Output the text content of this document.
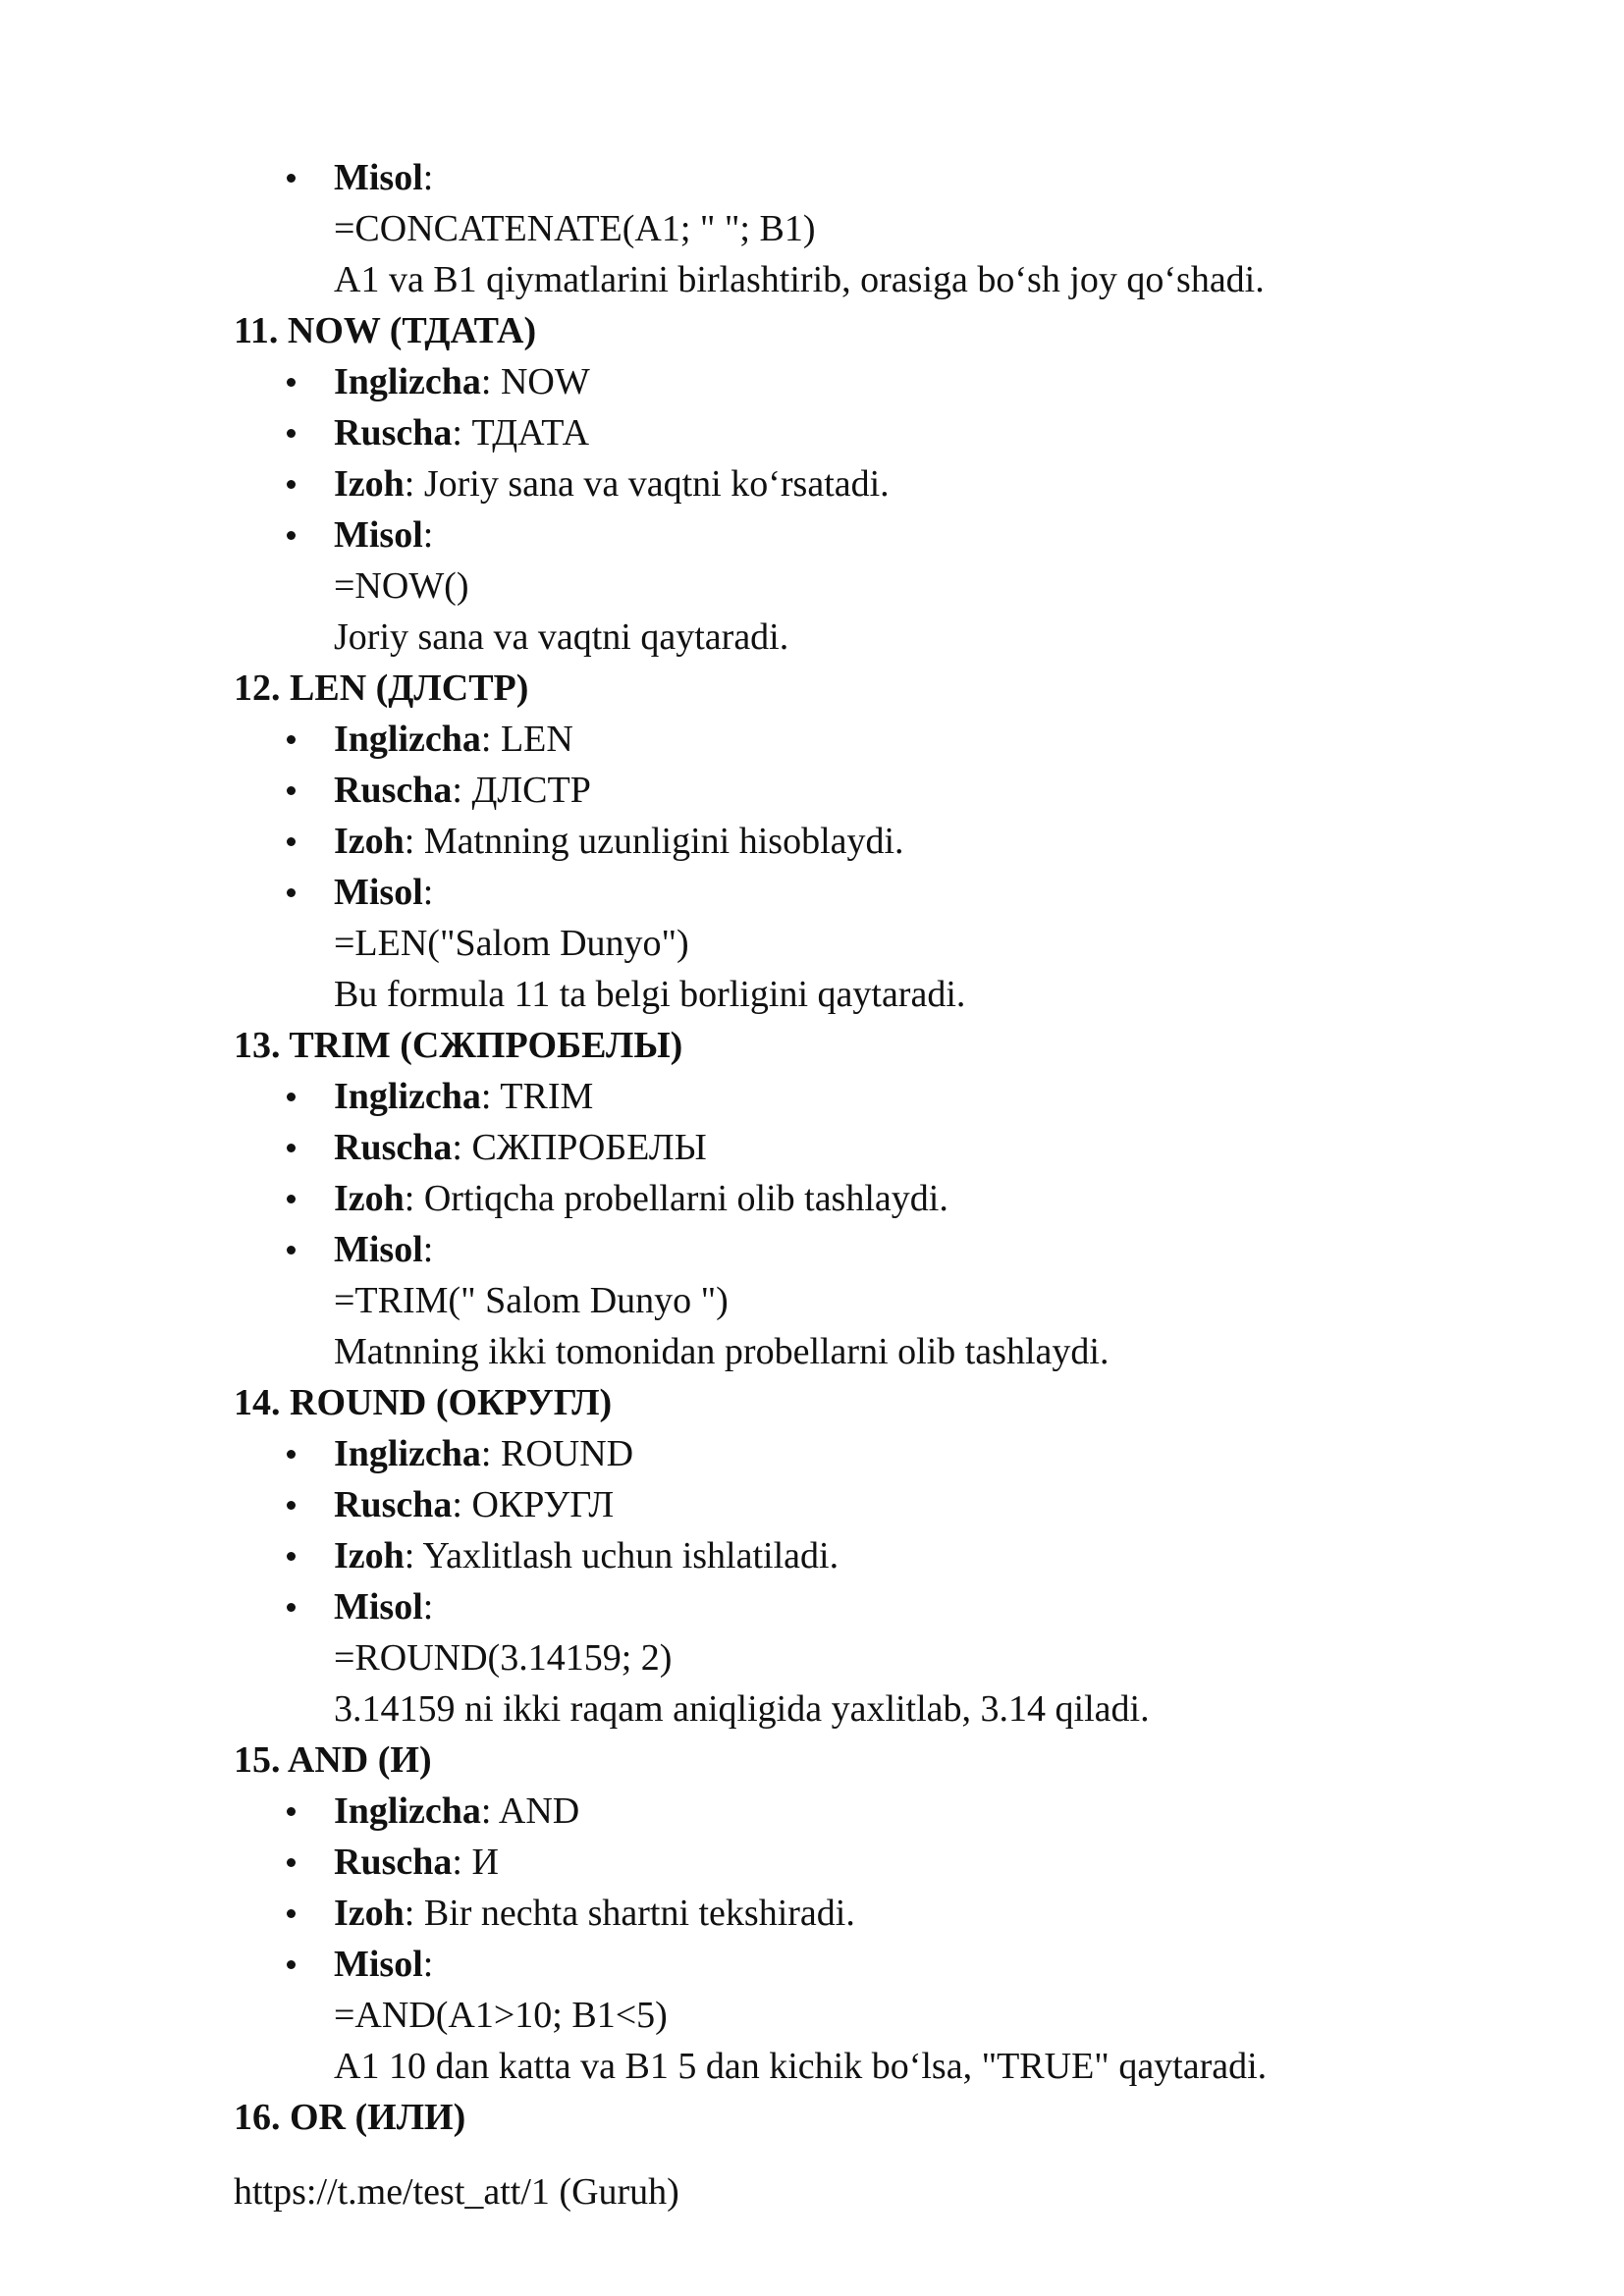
Misol:
=CONCATENATE(A1; " "; B1)
A1 va B1 qiymatlarini birlashtirib, orasiga bo‘sh joy qo‘shadi.
11. NOW (ТДАТА)
Inglizcha: NOW
Ruscha: ТДАТА
Izoh: Joriy sana va vaqtni ko‘rsatadi.
Misol:
=NOW()
Joriy sana va vaqtni qaytaradi.
12. LEN (ДЛСТР)
Inglizcha: LEN
Ruscha: ДЛСТР
Izoh: Matnning uzunligini hisoblaydi.
Misol:
=LEN("Salom Dunyo")
Bu formula 11 ta belgi borligini qaytaradi.
13. TRIM (СЖПРОБЕЛЫ)
Inglizcha: TRIM
Ruscha: СЖПРОБЕЛЫ
Izoh: Ortiqcha probellarni olib tashlaydi.
Misol:
=TRIM(" Salom Dunyo ")
Matnning ikki tomonidan probellarni olib tashlaydi.
14. ROUND (ОКРУГЛ)
Inglizcha: ROUND
Ruscha: ОКРУГЛ
Izoh: Yaxlitlash uchun ishlatiladi.
Misol:
=ROUND(3.14159; 2)
3.14159 ni ikki raqam aniqligida yaxlitlab, 3.14 qiladi.
15. AND (И)
Inglizcha: AND
Ruscha: И
Izoh: Bir nechta shartni tekshiradi.
Misol:
=AND(A1>10; B1<5)
A1 10 dan katta va B1 5 dan kichik bo‘lsa, "TRUE" qaytaradi.
16. OR (ИЛИ)
https://t.me/test_att/1 (Guruh)
